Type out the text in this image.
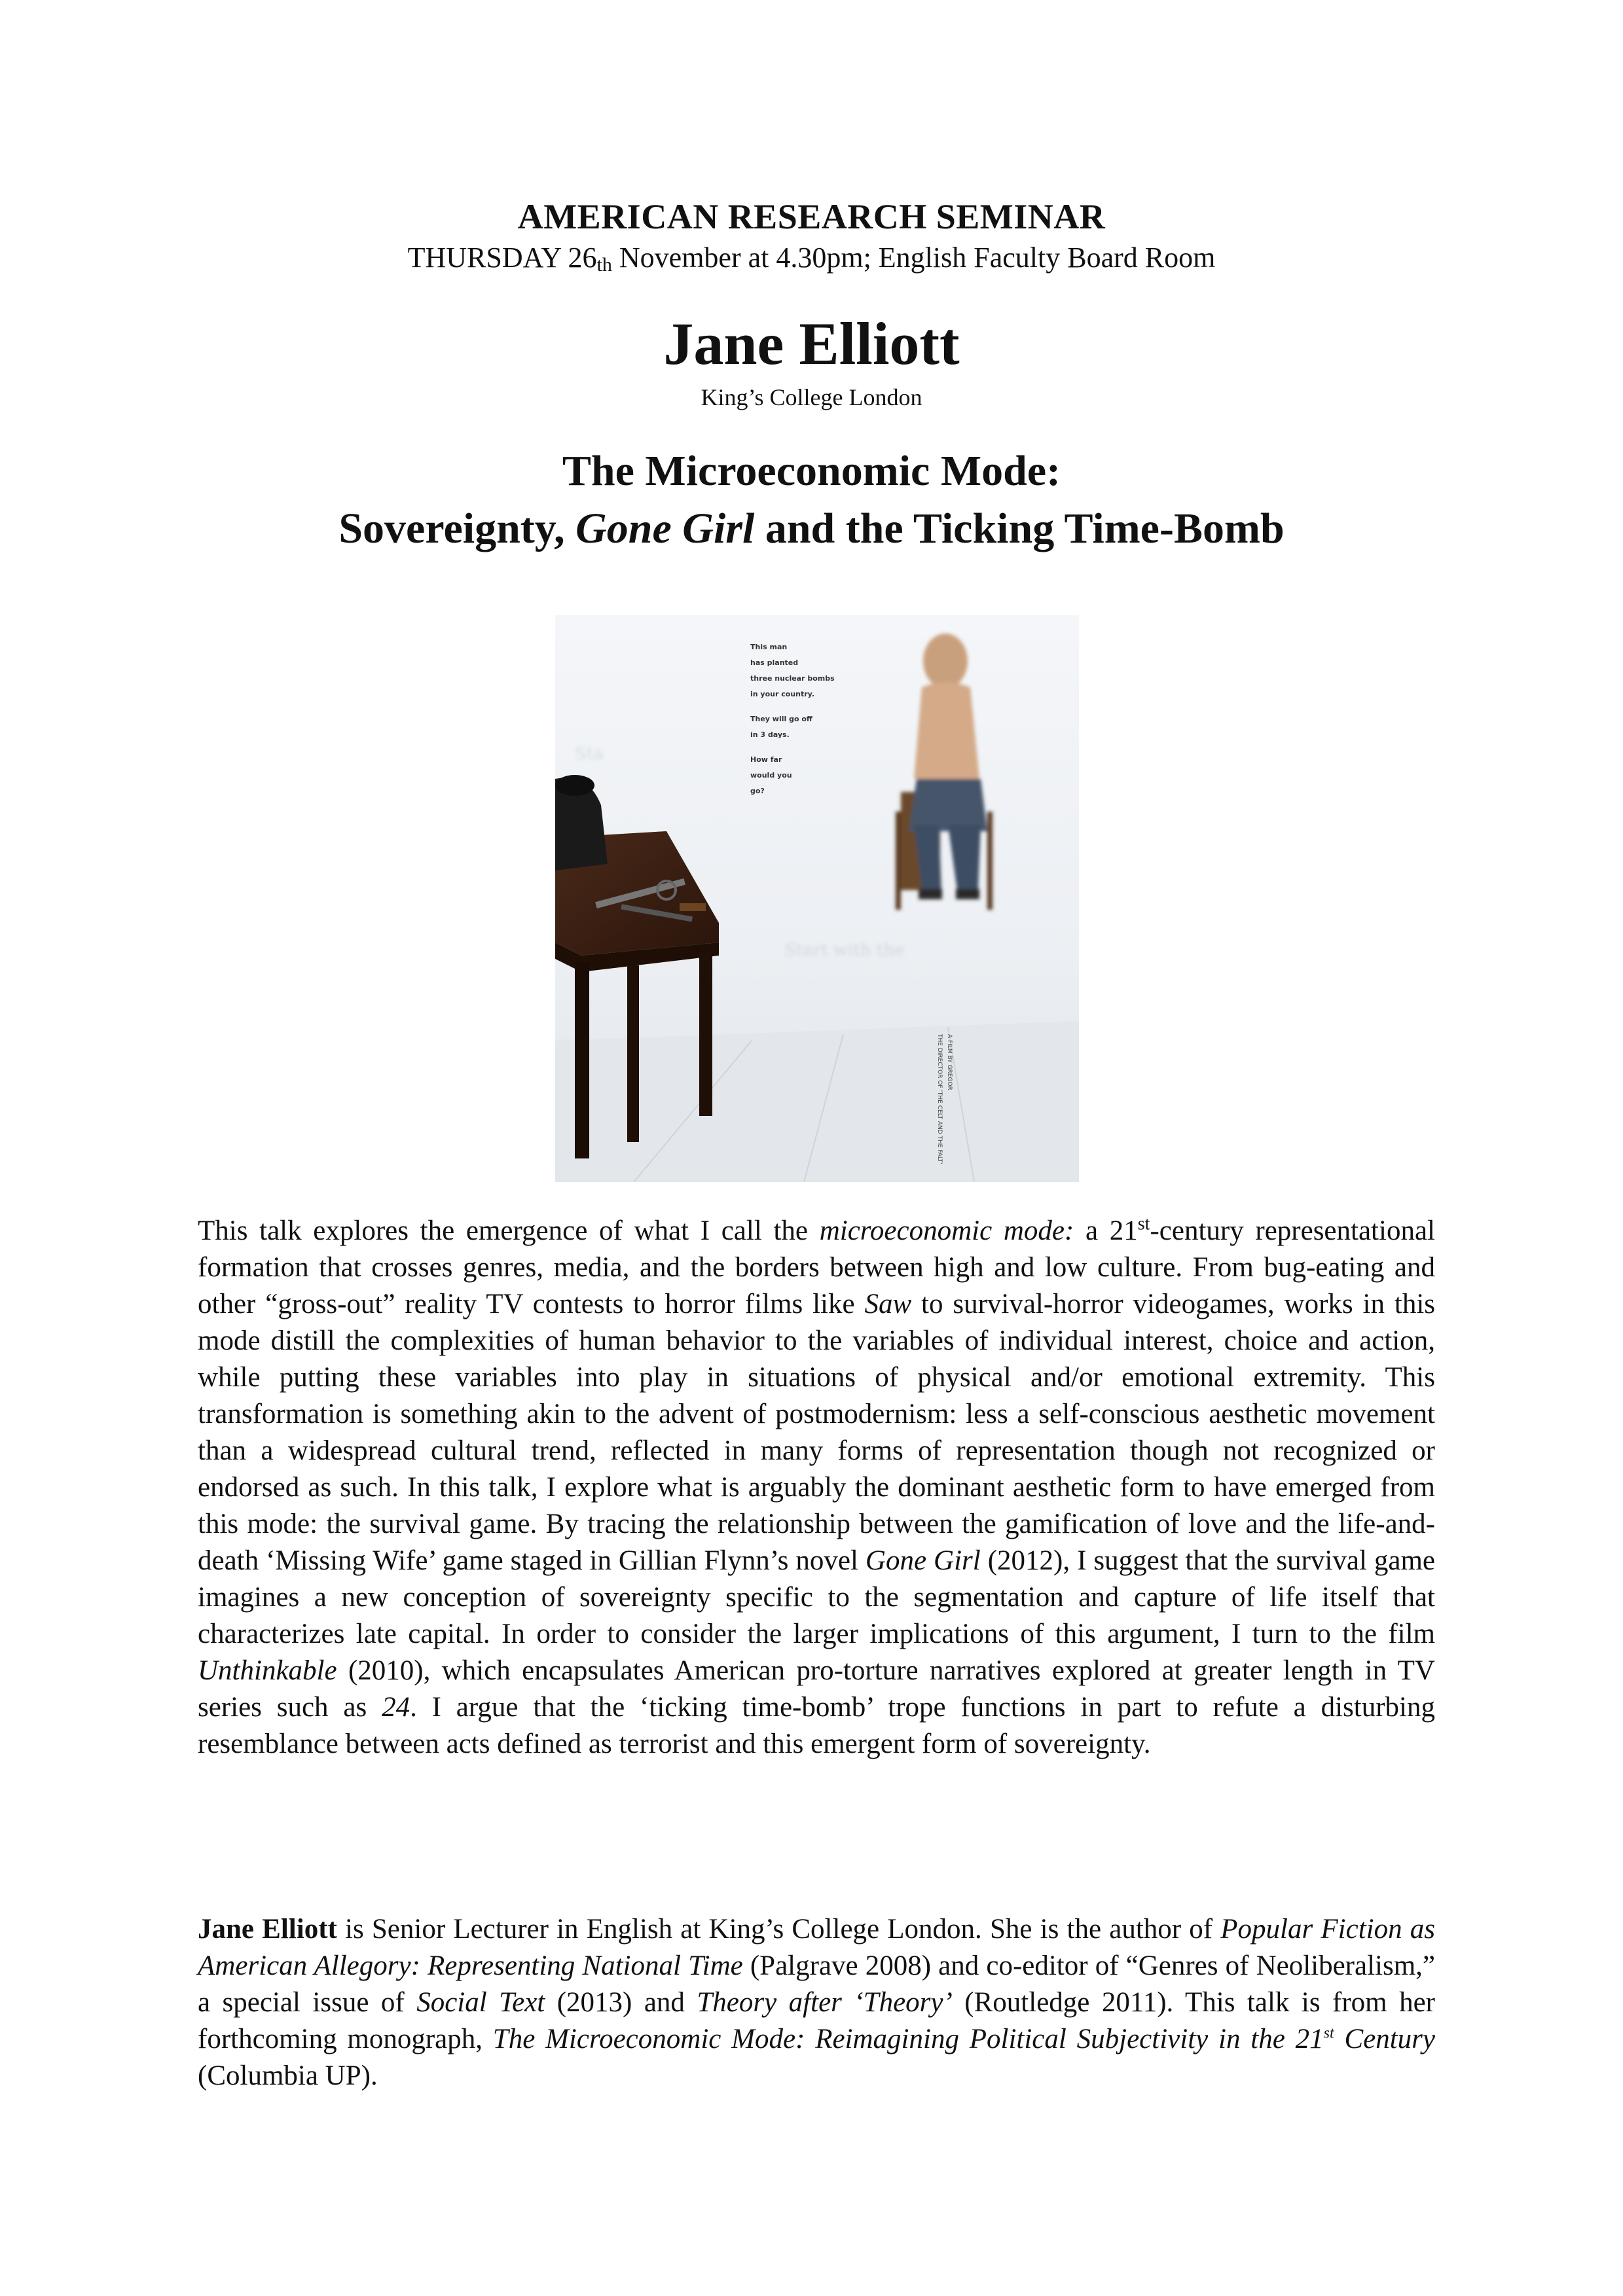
AMERICAN RESEARCH SEMINAR
THURSDAY 26th November at 4.30pm; English Faculty Board Room
Jane Elliott
King’s College London
The Microeconomic Mode:
Sovereignty, Gone Girl and the Ticking Time-Bomb
This man
has planted
three nuclear bombs
in your country.
They will go off
in 3 days.
How far
would you
go?
Sta
Start with the
A FILM BY GREGOR
THE DIRECTOR OF 'THE CELT AND THE FALT'
This talk explores the emergence of what I call the microeconomic mode: a 21st-century representational formation that crosses genres, media, and the borders between high and low culture. From bug-eating and other “gross-out” reality TV contests to horror films like Saw to survival-horror videogames, works in this mode distill the complexities of human behavior to the variables of individual interest, choice and action, while putting these variables into play in situations of physical and/or emotional extremity. This transformation is something akin to the advent of postmodernism: less a self-conscious aesthetic movement than a widespread cultural trend, reflected in many forms of representation though not recognized or endorsed as such. In this talk, I explore what is arguably the dominant aesthetic form to have emerged from this mode: the survival game. By tracing the relationship between the gamification of love and the life-and-death ‘Missing Wife’ game staged in Gillian Flynn’s novel Gone Girl (2012), I suggest that the survival game imagines a new conception of sovereignty specific to the segmentation and capture of life itself that characterizes late capital. In order to consider the larger implications of this argument, I turn to the film Unthinkable (2010), which encapsulates American pro-torture narratives explored at greater length in TV series such as 24. I argue that the ‘ticking time-bomb’ trope functions in part to refute a disturbing resemblance between acts defined as terrorist and this emergent form of sovereignty.
Jane Elliott is Senior Lecturer in English at King’s College London. She is the author of Popular Fiction as American Allegory: Representing National Time (Palgrave 2008) and co-editor of “Genres of Neoliberalism,” a special issue of Social Text (2013) and Theory after ‘Theory’ (Routledge 2011). This talk is from her forthcoming monograph, The Microeconomic Mode: Reimagining Political Subjectivity in the 21st Century (Columbia UP).
